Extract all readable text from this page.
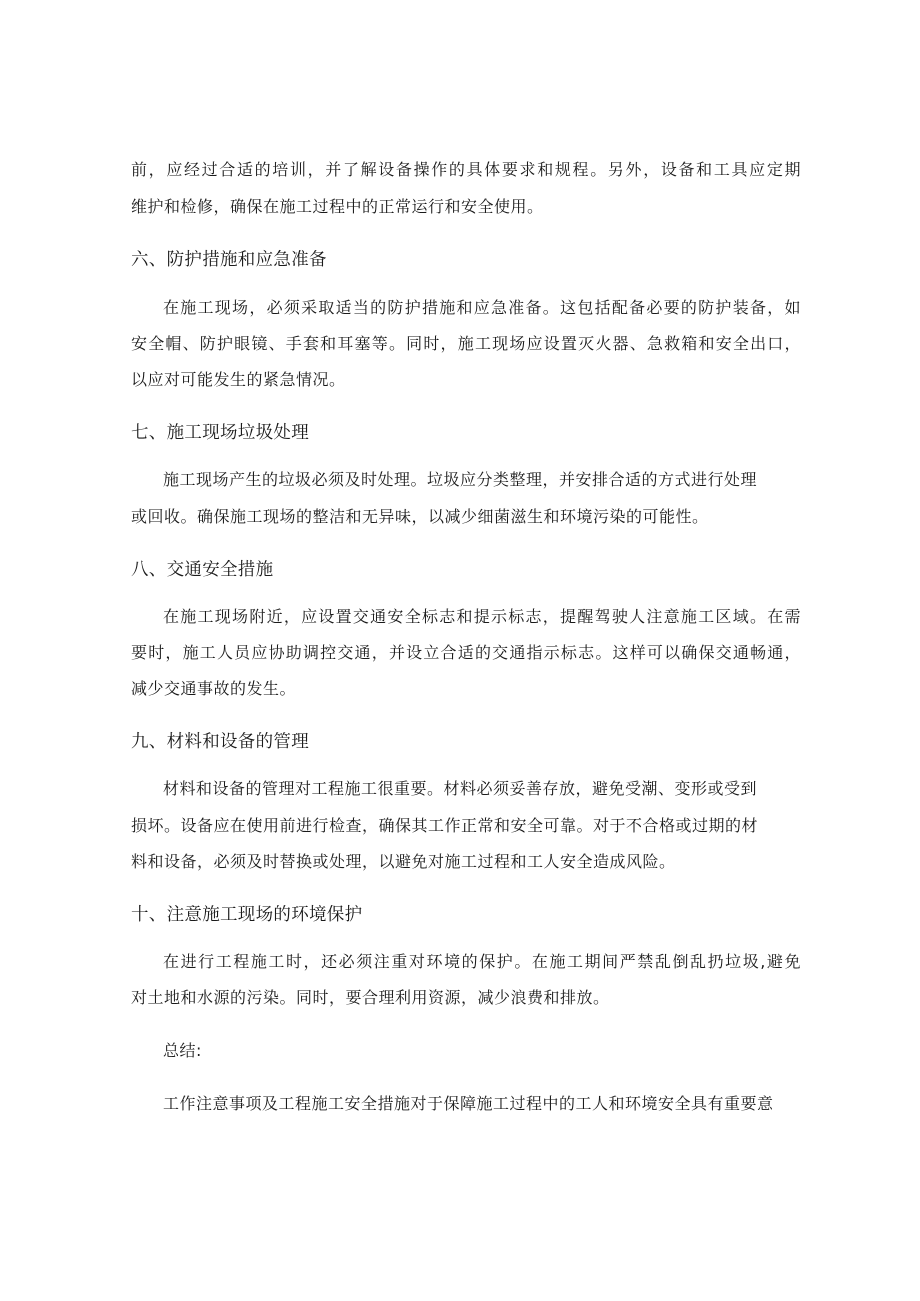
前，应经过合适的培训，并了解设备操作的具体要求和规程。另外，设备和工具应定期
维护和检修，确保在施工过程中的正常运行和安全使用。
六、防护措施和应急准备
在施工现场，必须采取适当的防护措施和应急准备。这包括配备必要的防护装备，如
安全帽、防护眼镜、手套和耳塞等。同时，施工现场应设置灭火器、急救箱和安全出口，
以应对可能发生的紧急情况。
七、施工现场垃圾处理
施工现场产生的垃圾必须及时处理。垃圾应分类整理，并安排合适的方式进行处理
或回收。确保施工现场的整洁和无异味，以减少细菌滋生和环境污染的可能性。
八、交通安全措施
在施工现场附近，应设置交通安全标志和提示标志，提醒驾驶人注意施工区域。在需
要时，施工人员应协助调控交通，并设立合适的交通指示标志。这样可以确保交通畅通，
减少交通事故的发生。
九、材料和设备的管理
材料和设备的管理对工程施工很重要。材料必须妥善存放，避免受潮、变形或受到
损坏。设备应在使用前进行检查，确保其工作正常和安全可靠。对于不合格或过期的材
料和设备，必须及时替换或处理，以避免对施工过程和工人安全造成风险。
十、注意施工现场的环境保护
在进行工程施工时，还必须注重对环境的保护。在施工期间严禁乱倒乱扔垃圾,避免
对土地和水源的污染。同时，要合理利用资源，减少浪费和排放。
总结:
工作注意事项及工程施工安全措施对于保障施工过程中的工人和环境安全具有重要意
